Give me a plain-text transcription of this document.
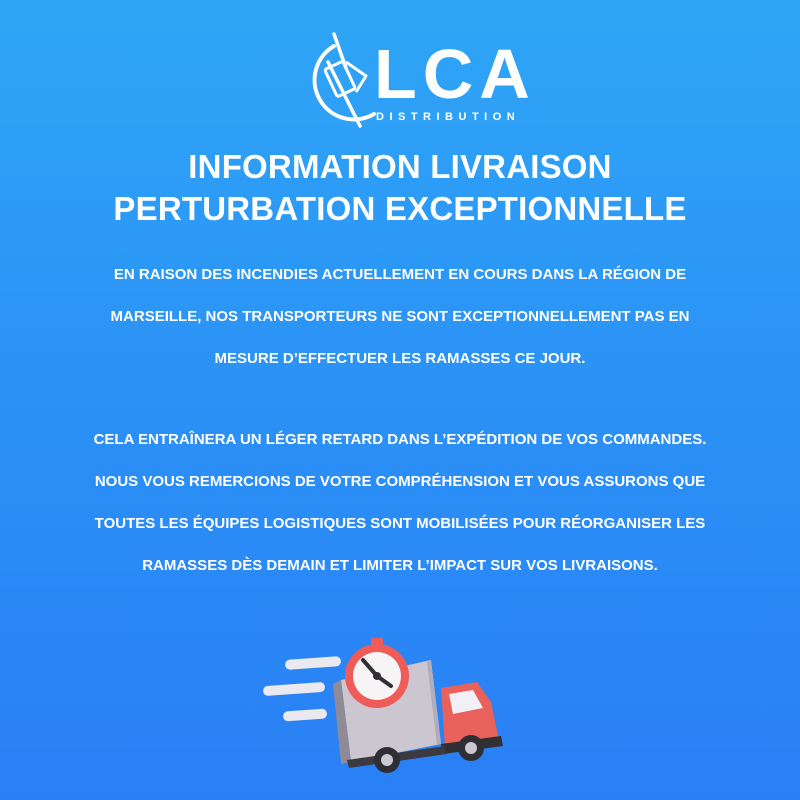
LCA
DISTRIBUTION
INFORMATION LIVRAISON
PERTURBATION EXCEPTIONNELLE

EN RAISON DES INCENDIES ACTUELLEMENT EN COURS DANS LA RÉGION DE
MARSEILLE, NOS TRANSPORTEURS NE SONT EXCEPTIONNELLEMENT PAS EN
MESURE D’EFFECTUER LES RAMASSES CE JOUR.

CELA ENTRAÎNERA UN LÉGER RETARD DANS L’EXPÉDITION DE VOS COMMANDES.
NOUS VOUS REMERCIONS DE VOTRE COMPRÉHENSION ET VOUS ASSURONS QUE
TOUTES LES ÉQUIPES LOGISTIQUES SONT MOBILISÉES POUR RÉORGANISER LES
RAMASSES DÈS DEMAIN ET LIMITER L’IMPACT SUR VOS LIVRAISONS.
